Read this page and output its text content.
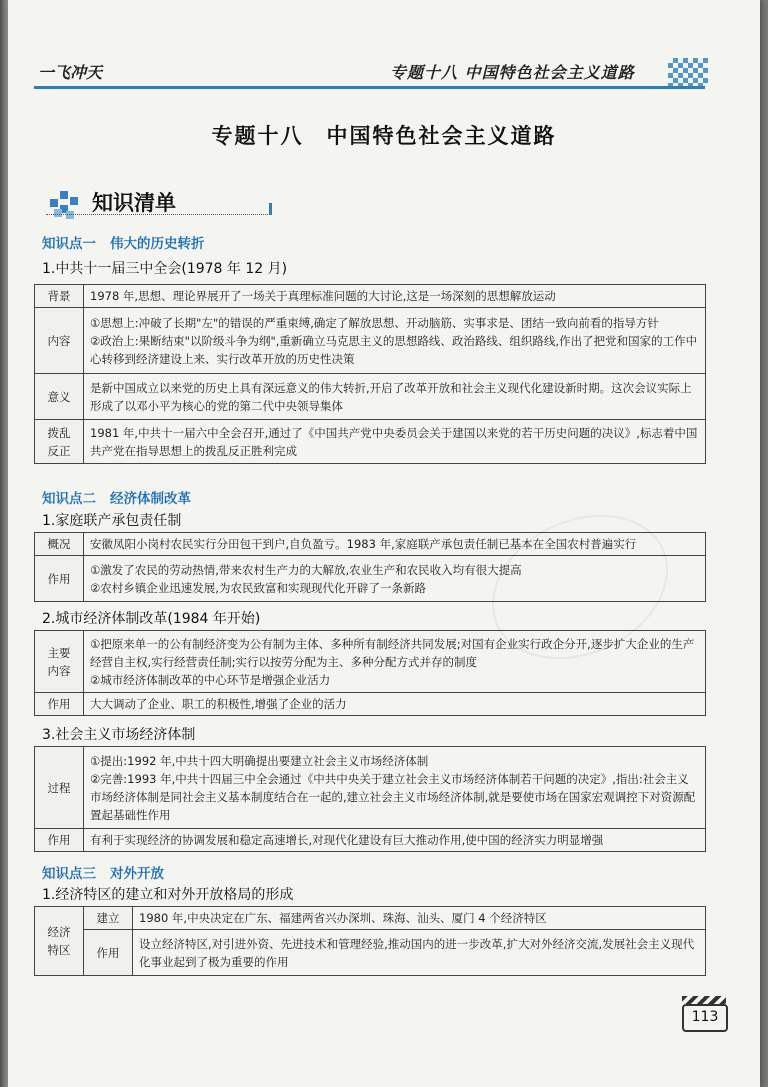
一飞冲天	专题十八 中国特色社会主义道路
专题十八　中国特色社会主义道路
知识清单
知识点一 伟大的历史转折
1.中共十一届三中全会(1978 年 12 月)
背景	1978 年,思想、理论界展开了一场关于真理标准问题的大讨论,这是一场深刻的思想解放运动
内容	①思想上:冲破了长期"左"的错误的严重束缚,确定了解放思想、开动脑筋、实事求是、团结一致向前看的指导方针
②政治上:果断结束"以阶级斗争为纲",重新确立马克思主义的思想路线、政治路线、组织路线,作出了把党和国家的工作中心转移到经济建设上来、实行改革开放的历史性决策
意义	是新中国成立以来党的历史上具有深远意义的伟大转折,开启了改革开放和社会主义现代化建设新时期。这次会议实际上形成了以邓小平为核心的党的第二代中央领导集体
拨乱
反正	1981 年,中共十一届六中全会召开,通过了《中国共产党中央委员会关于建国以来党的若干历史问题的决议》,标志着中国共产党在指导思想上的拨乱反正胜利完成
知识点二 经济体制改革
1.家庭联产承包责任制
概况	安徽凤阳小岗村农民实行分田包干到户,自负盈亏。1983 年,家庭联产承包责任制已基本在全国农村普遍实行
作用	①激发了农民的劳动热情,带来农村生产力的大解放,农业生产和农民收入均有很大提高
②农村乡镇企业迅速发展,为农民致富和实现现代化开辟了一条新路
2.城市经济体制改革(1984 年开始)
主要
内容	①把原来单一的公有制经济变为公有制为主体、多种所有制经济共同发展;对国有企业实行政企分开,逐步扩大企业的生产经营自主权,实行经营责任制;实行以按劳分配为主、多种分配方式并存的制度
②城市经济体制改革的中心环节是增强企业活力
作用	大大调动了企业、职工的积极性,增强了企业的活力
3.社会主义市场经济体制
过程	①提出:1992 年,中共十四大明确提出要建立社会主义市场经济体制
②完善:1993 年,中共十四届三中全会通过《中共中央关于建立社会主义市场经济体制若干问题的决定》,指出:社会主义市场经济体制是同社会主义基本制度结合在一起的,建立社会主义市场经济体制,就是要使市场在国家宏观调控下对资源配置起基础性作用
作用	有利于实现经济的协调发展和稳定高速增长,对现代化建设有巨大推动作用,使中国的经济实力明显增强
知识点三 对外开放
1.经济特区的建立和对外开放格局的形成
经济
特区	建立	1980 年,中央决定在广东、福建两省兴办深圳、珠海、汕头、厦门 4 个经济特区
	作用	设立经济特区,对引进外资、先进技术和管理经验,推动国内的进一步改革,扩大对外经济交流,发展社会主义现代化事业起到了极为重要的作用
113
